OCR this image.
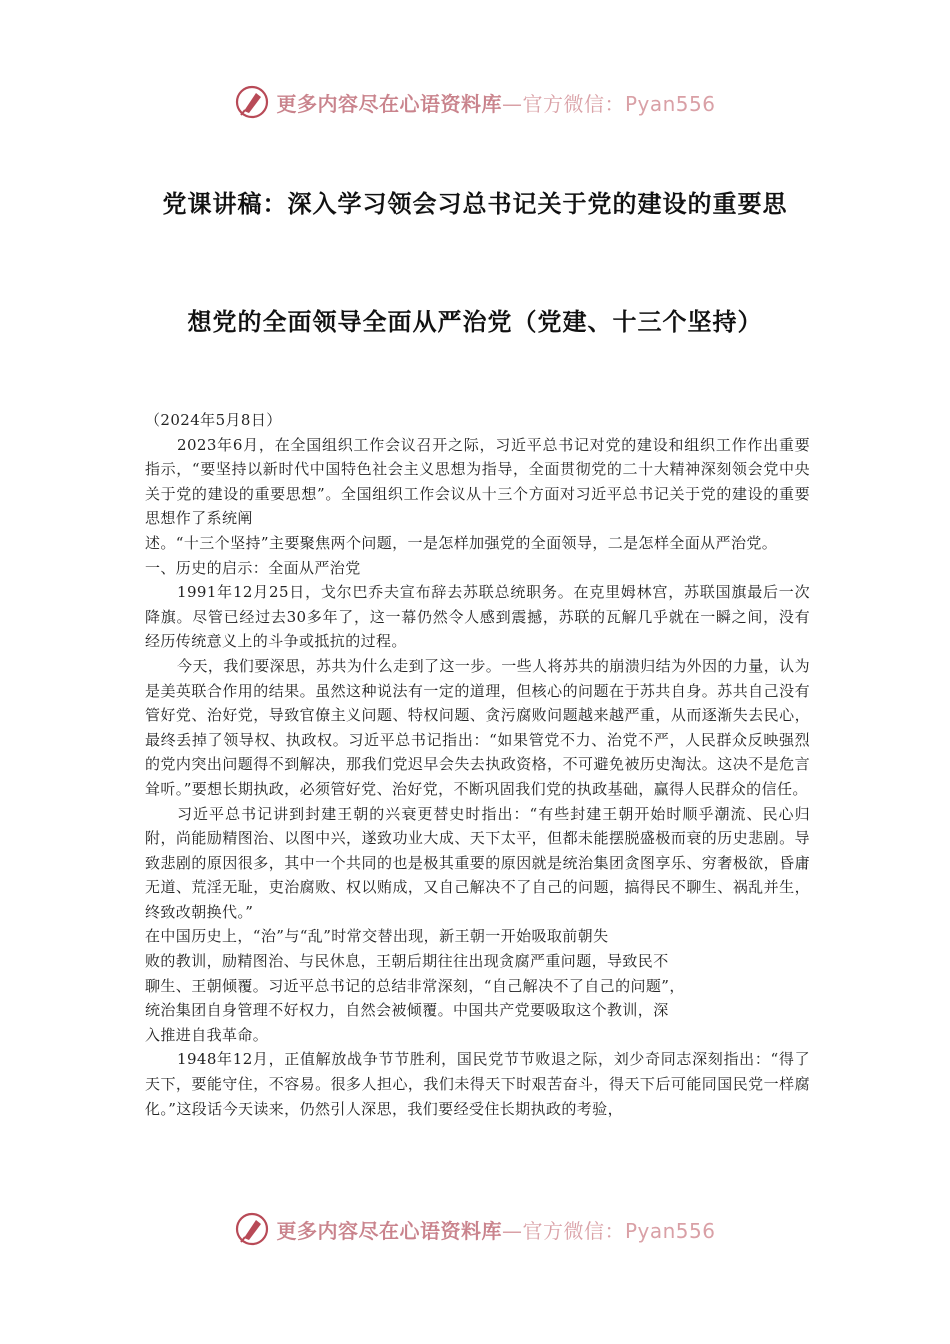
更多内容尽在心语资料库—官方微信：Pyan556
党课讲稿：深入学习领会习总书记关于党的建设的重要思
想党的全面领导全面从严治党（党建、十三个坚持）

（2024年5月8日）

2023年6月，在全国组织工作会议召开之际，习近平总书记对党的建设和组织工作作出重要指示，“要坚持以新时代中国特色社会主义思想为指导，全面贯彻党的二十大精神深刻领会党中央关于党的建设的重要思想”。全国组织工作会议从十三个方面对习近平总书记关于党的建设的重要思想作了系统阐

述。“十三个坚持”主要聚焦两个问题，一是怎样加强党的全面领导，二是怎样全面从严治党。

一、历史的启示：全面从严治党

1991年12月25日，戈尔巴乔夫宣布辞去苏联总统职务。在克里姆林宫，苏联国旗最后一次降旗。尽管已经过去30多年了，这一幕仍然令人感到震撼，苏联的瓦解几乎就在一瞬之间，没有经历传统意义上的斗争或抵抗的过程。

今天，我们要深思，苏共为什么走到了这一步。一些人将苏共的崩溃归结为外因的力量，认为是美英联合作用的结果。虽然这种说法有一定的道理，但核心的问题在于苏共自身。苏共自己没有管好党、治好党，导致官僚主义问题、特权问题、贪污腐败问题越来越严重，从而逐渐失去民心，最终丢掉了领导权、执政权。习近平总书记指出：“如果管党不力、治党不严，人民群众反映强烈的党内突出问题得不到解决，那我们党迟早会失去执政资格，不可避免被历史淘汰。这决不是危言耸听。”要想长期执政，必须管好党、治好党，不断巩固我们党的执政基础，赢得人民群众的信任。

习近平总书记讲到封建王朝的兴衰更替史时指出：“有些封建王朝开始时顺乎潮流、民心归附，尚能励精图治、以图中兴，遂致功业大成、天下太平，但都未能摆脱盛极而衰的历史悲剧。导致悲剧的原因很多，其中一个共同的也是极其重要的原因就是统治集团贪图享乐、穷奢极欲，昏庸无道、荒淫无耻，吏治腐败、权以贿成，又自己解决不了自己的问题，搞得民不聊生、祸乱并生，终致改朝换代。”

在中国历史上，“治”与“乱”时常交替出现，新王朝一开始吸取前朝失

败的教训，励精图治、与民休息，王朝后期往往出现贪腐严重问题，导致民不

聊生、王朝倾覆。习近平总书记的总结非常深刻，“自己解决不了自己的问题”，

统治集团自身管理不好权力，自然会被倾覆。中国共产党要吸取这个教训，深

入推进自我革命。

1948年12月，正值解放战争节节胜利，国民党节节败退之际，刘少奇同志深刻指出：“得了天下，要能守住，不容易。很多人担心，我们未得天下时艰苦奋斗，得天下后可能同国民党一样腐化。”这段话今天读来，仍然引人深思，我们要经受住长期执政的考验，

更多内容尽在心语资料库—官方微信：Pyan556
